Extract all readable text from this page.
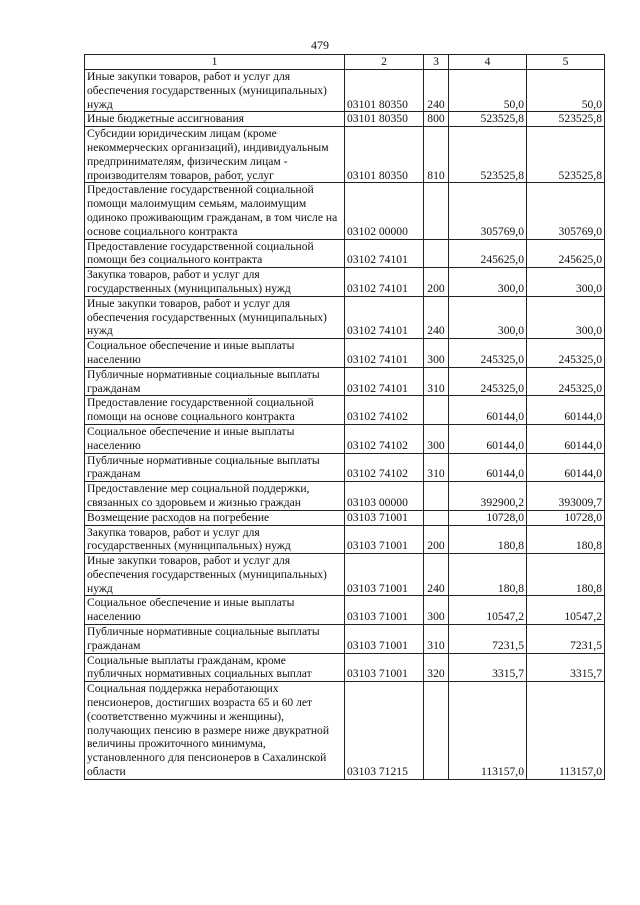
479
1	2	3	4	5
Иные закупки товаров, работ и услуг для обеспечения государственных (муниципальных) нужд	03101 80350	240	50,0	50,0
Иные бюджетные ассигнования	03101 80350	800	523525,8	523525,8
Субсидии юридическим лицам (кроме некоммерческих организаций), индивидуальным предпринимателям, физическим лицам - производителям товаров, работ, услуг	03101 80350	810	523525,8	523525,8
Предоставление государственной социальной помощи малоимущим семьям, малоимущим одиноко проживающим гражданам, в том числе на основе социального контракта	03102 00000		305769,0	305769,0
Предоставление государственной социальной помощи без социального контракта	03102 74101		245625,0	245625,0
Закупка товаров, работ и услуг для государственных (муниципальных) нужд	03102 74101	200	300,0	300,0
Иные закупки товаров, работ и услуг для обеспечения государственных (муниципальных) нужд	03102 74101	240	300,0	300,0
Социальное обеспечение и иные выплаты населению	03102 74101	300	245325,0	245325,0
Публичные нормативные социальные выплаты гражданам	03102 74101	310	245325,0	245325,0
Предоставление государственной социальной помощи на основе социального контракта	03102 74102		60144,0	60144,0
Социальное обеспечение и иные выплаты населению	03102 74102	300	60144,0	60144,0
Публичные нормативные социальные выплаты гражданам	03102 74102	310	60144,0	60144,0
Предоставление мер социальной поддержки, связанных со здоровьем и жизнью граждан	03103 00000		392900,2	393009,7
Возмещение расходов на погребение	03103 71001		10728,0	10728,0
Закупка товаров, работ и услуг для государственных (муниципальных) нужд	03103 71001	200	180,8	180,8
Иные закупки товаров, работ и услуг для обеспечения государственных (муниципальных) нужд	03103 71001	240	180,8	180,8
Социальное обеспечение и иные выплаты населению	03103 71001	300	10547,2	10547,2
Публичные нормативные социальные выплаты гражданам	03103 71001	310	7231,5	7231,5
Социальные выплаты гражданам, кроме публичных нормативных социальных выплат	03103 71001	320	3315,7	3315,7
Социальная поддержка неработающих пенсионеров, достигших возраста 65 и 60 лет (соответственно мужчины и женщины), получающих пенсию в размере ниже двукратной величины прожиточного минимума, установленного для пенсионеров в Сахалинской области	03103 71215		113157,0	113157,0
